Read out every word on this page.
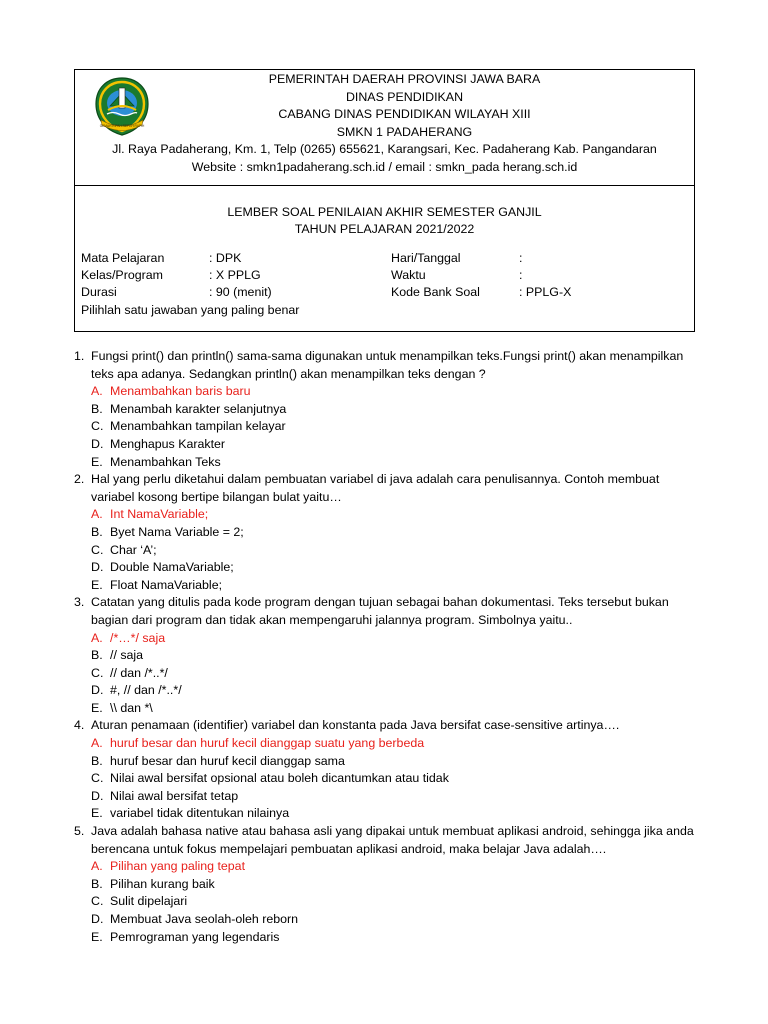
GEMAH RIPAH REPEH RAPIH
PEMERINTAH DAERAH PROVINSI JAWA BARA
DINAS PENDIDIKAN
CABANG DINAS PENDIDIKAN WILAYAH XIII
SMKN 1 PADAHERANG
Jl. Raya Padaherang, Km. 1, Telp (0265) 655621, Karangsari, Kec. Padaherang Kab. Pangandaran
Website : smkn1padaherang.sch.id / email : smkn_pada herang.sch.id
LEMBER SOAL PENILAIAN AKHIR SEMESTER GANJIL
TAHUN PELAJARAN 2021/2022
Mata Pelajaran	: DPK	Hari/Tanggal	:
Kelas/Program	: X PPLG	Waktu	:
Durasi	: 90 (menit)	Kode Bank Soal	: PPLG-X
Pilihlah satu jawaban yang paling benar
1. Fungsi print() dan println() sama-sama digunakan untuk menampilkan teks.Fungsi print() akan menampilkan teks apa adanya. Sedangkan println() akan menampilkan teks dengan ?
A. Menambahkan baris baru
B. Menambah karakter selanjutnya
C. Menambahkan tampilan kelayar
D. Menghapus Karakter
E. Menambahkan Teks
2. Hal yang perlu diketahui dalam pembuatan variabel di java adalah cara penulisannya. Contoh membuat variabel kosong bertipe bilangan bulat yaitu…
A. Int NamaVariable;
B. Byet Nama Variable = 2;
C. Char ‘A’;
D. Double NamaVariable;
E. Float NamaVariable;
3. Catatan yang ditulis pada kode program dengan tujuan sebagai bahan dokumentasi. Teks tersebut bukan bagian dari program dan tidak akan mempengaruhi jalannya program. Simbolnya yaitu..
A. /*…*/ saja
B. // saja
C. // dan /*..*/
D. #, // dan /*..*/
E. \\ dan *\
4. Aturan penamaan (identifier) variabel dan konstanta pada Java bersifat case-sensitive artinya….
A. huruf besar dan huruf kecil dianggap suatu yang berbeda
B. huruf besar dan huruf kecil dianggap sama
C. Nilai awal bersifat opsional atau boleh dicantumkan atau tidak
D. Nilai awal bersifat tetap
E. variabel tidak ditentukan nilainya
5. Java adalah bahasa native atau bahasa asli yang dipakai untuk membuat aplikasi android, sehingga jika anda berencana untuk fokus mempelajari pembuatan aplikasi android, maka belajar Java adalah….
A. Pilihan yang paling tepat
B. Pilihan kurang baik
C. Sulit dipelajari
D. Membuat Java seolah-oleh reborn
E. Pemrograman yang legendaris
